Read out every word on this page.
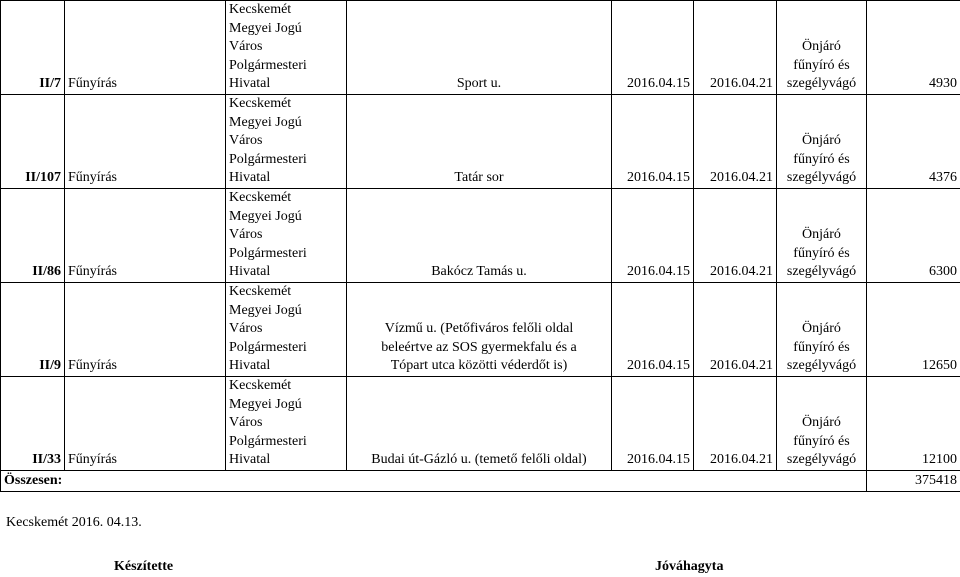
II/7	Fűnyírás	Kecskemét
Megyei Jogú
Város
Polgármesteri
Hivatal	Sport u.	2016.04.15	2016.04.21	Önjáró
fűnyíró és
szegélyvágó	4930
II/107	Fűnyírás	Kecskemét
Megyei Jogú
Város
Polgármesteri
Hivatal	Tatár sor	2016.04.15	2016.04.21	Önjáró
fűnyíró és
szegélyvágó	4376
II/86	Fűnyírás	Kecskemét
Megyei Jogú
Város
Polgármesteri
Hivatal	Bakócz Tamás u.	2016.04.15	2016.04.21	Önjáró
fűnyíró és
szegélyvágó	6300
II/9	Fűnyírás	Kecskemét
Megyei Jogú
Város
Polgármesteri
Hivatal	Vízmű u. (Petőfiváros felőli oldal
beleértve az SOS gyermekfalu és a
Tópart utca közötti véderdőt is)	2016.04.15	2016.04.21	Önjáró
fűnyíró és
szegélyvágó	12650
II/33	Fűnyírás	Kecskemét
Megyei Jogú
Város
Polgármesteri
Hivatal	Budai út-Gázló u. (temető felőli oldal)	2016.04.15	2016.04.21	Önjáró
fűnyíró és
szegélyvágó	12100
Összesen:							375418
Kecskemét 2016. 04.13.
Készítette	Jóváhagyta
